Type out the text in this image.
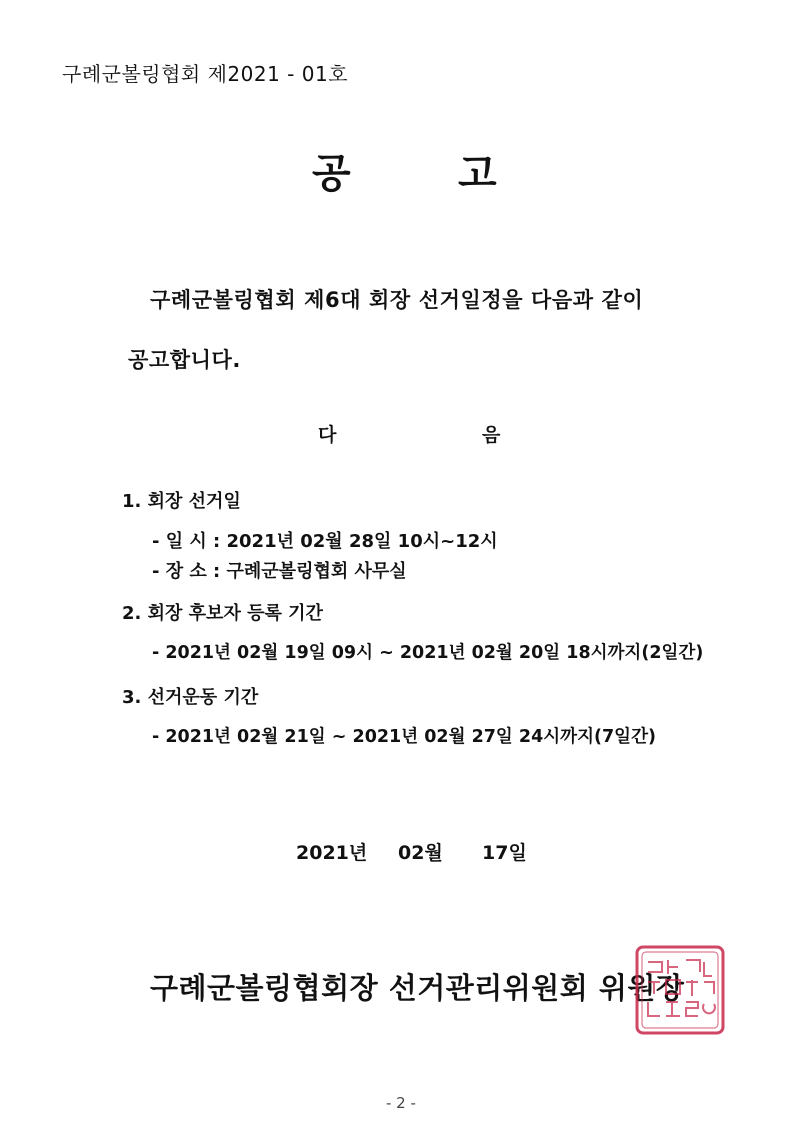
구례군볼링협회 제2021 - 01호
공	고
구례군볼링협회 제6대 회장 선거일정을 다음과 같이
공고합니다.
다	음
1. 회장 선거일
- 일 시 : 2021년 02월 28일 10시~12시
- 장 소 : 구례군볼링협회 사무실
2. 회장 후보자 등록 기간
- 2021년 02월 19일 09시 ~ 2021년 02월 20일 18시까지(2일간)
3. 선거운동 기간
- 2021년 02월 21일 ~ 2021년 02월 27일 24시까지(7일간)
2021년 02월 17일
구례군볼링협회장 선거관리위원회 위원장
- 2 -
